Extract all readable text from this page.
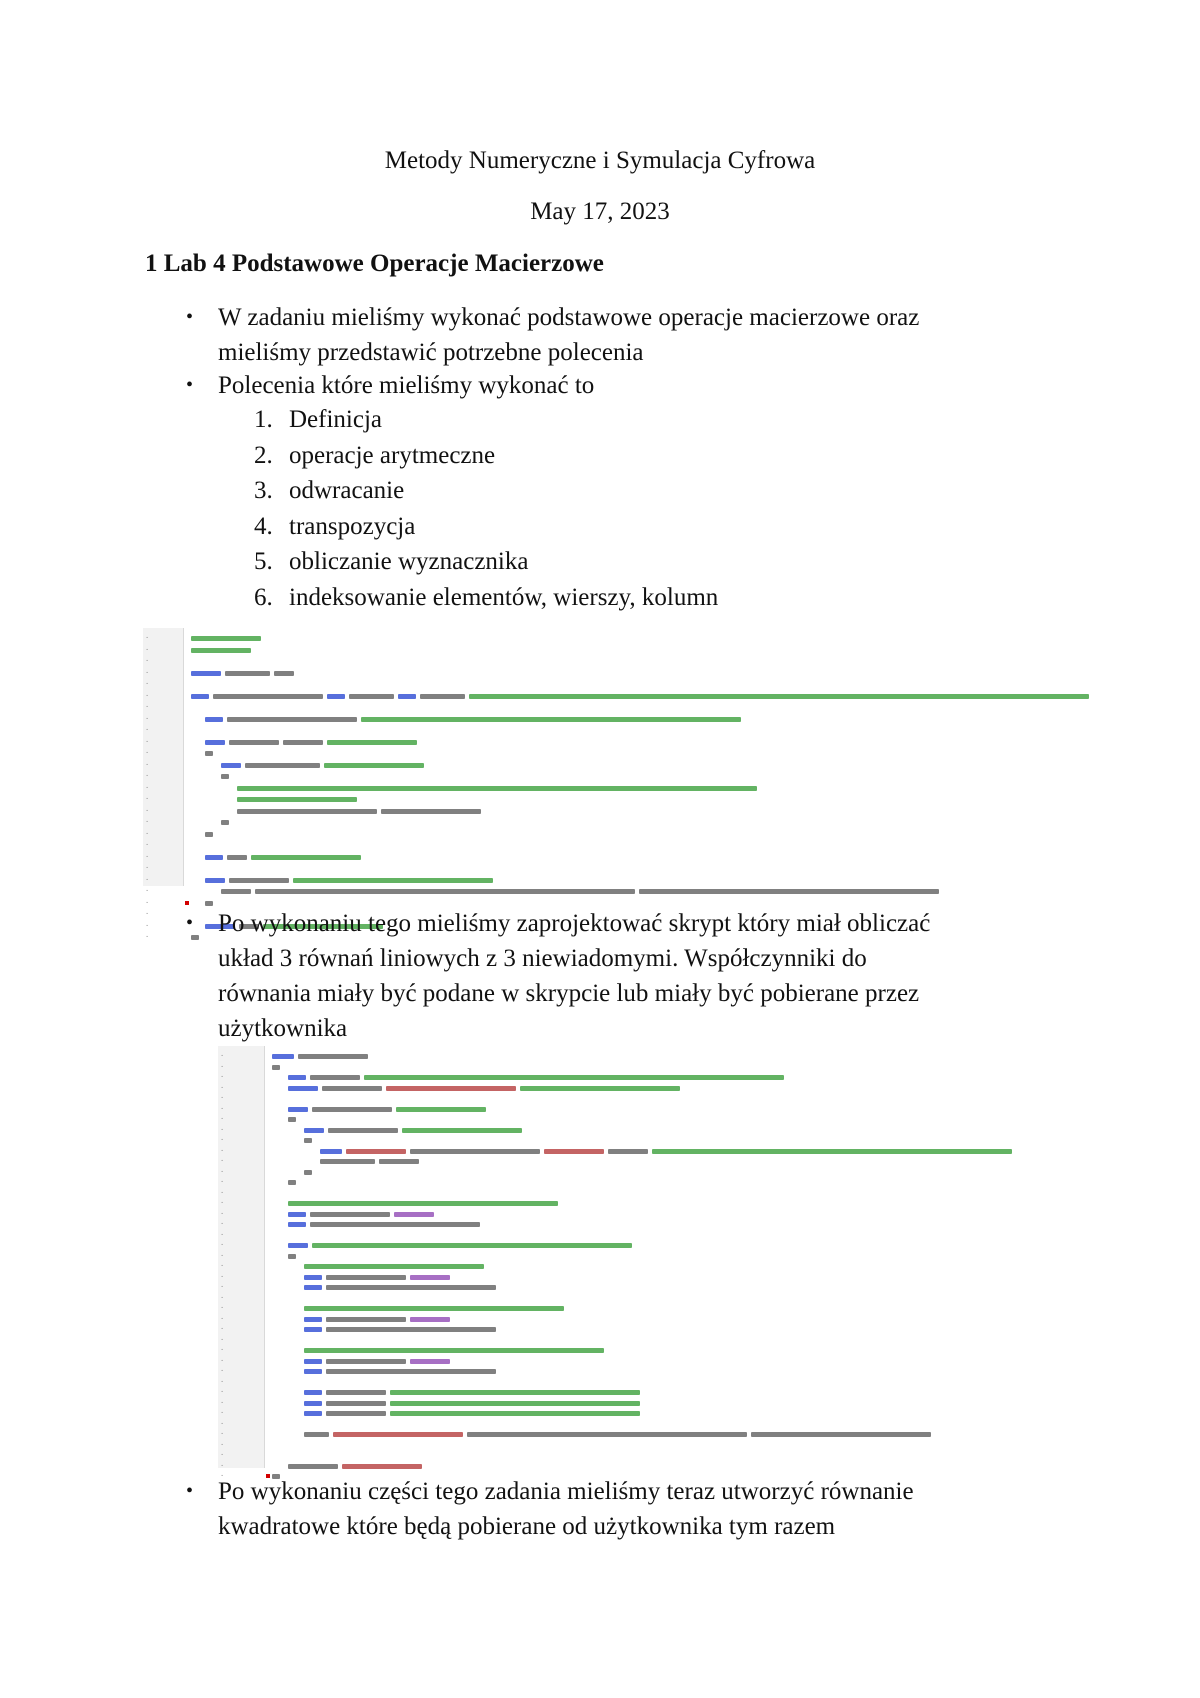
Metody Numeryczne i Symulacja Cyfrowa
May 17, 2023
1 Lab 4 Podstawowe Operacje Macierzowe
• W zadaniu mieliśmy wykonać podstawowe operacje macierzowe oraz
mieliśmy przedstawić potrzebne polecenia
• Polecenia które mieliśmy wykonać to
1. Definicja
2. operacje arytmeczne
3. odwracanie
4. transpozycja
5. obliczanie wyznacznika
6. indeksowanie elementów, wierszy, kolumn
·
·
·
·
·
·
·
·
·
·
·
·
·
·
·
·
·
·
·
·
·
·
·
·
·
·
·
• Po wykonaniu tego mieliśmy zaprojektować skrypt który miał obliczać
układ 3 równań liniowych z 3 niewiadomymi. Współczynniki do
równania miały być podane w skrypcie lub miały być pobierane przez
użytkownika
·
·
·
·
·
·
·
·
·
·
·
·
·
·
·
·
·
·
·
·
·
·
·
·
·
·
·
·
·
·
·
·
·
·
·
·
·
·
·
·
·
• Po wykonaniu części tego zadania mieliśmy teraz utworzyć równanie
kwadratowe które będą pobierane od użytkownika tym razem
